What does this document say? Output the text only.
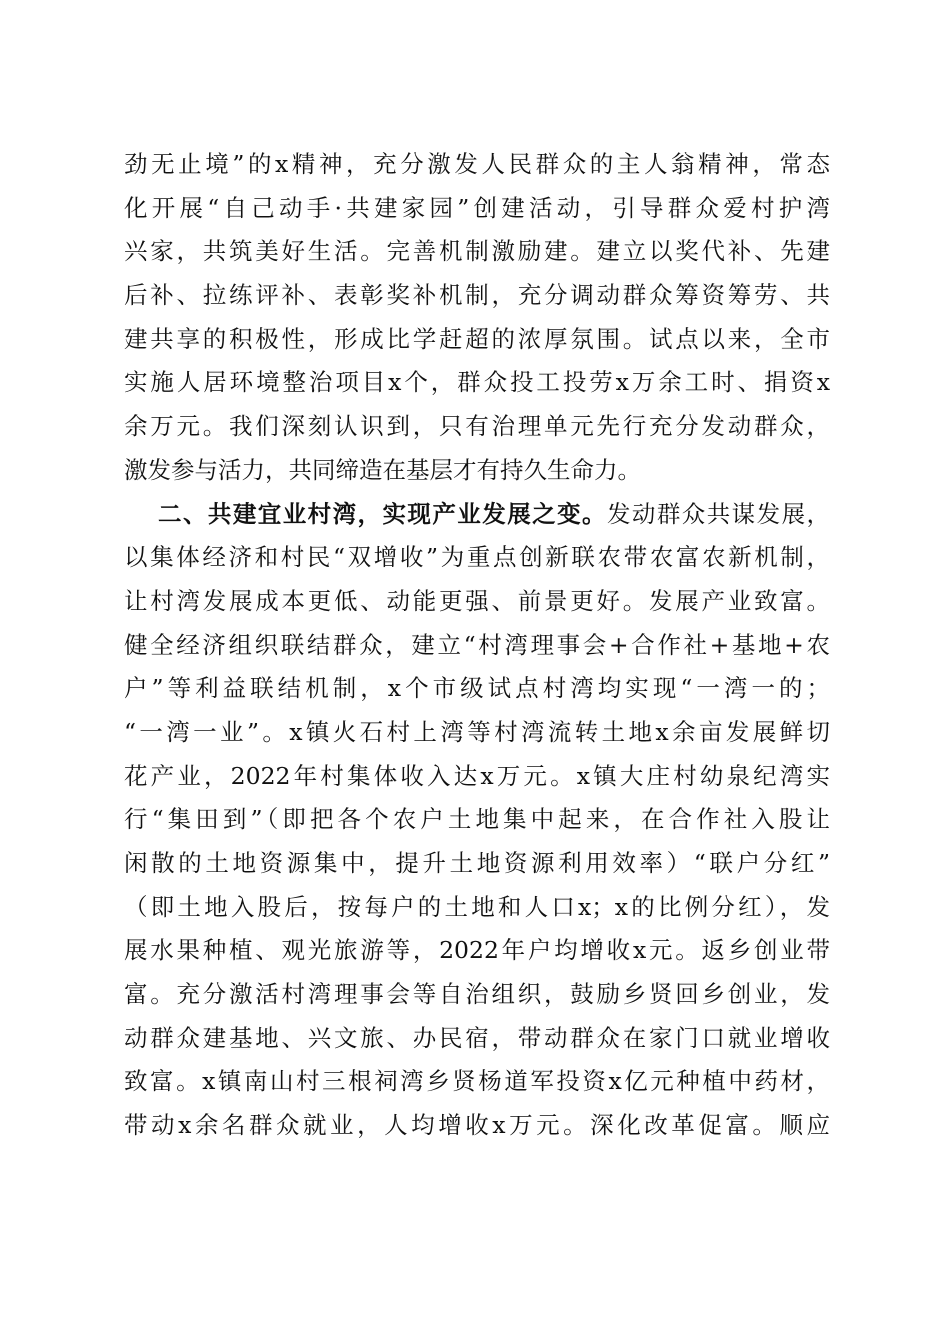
劲无止境”的x精神，充分激发人民群众的主人翁精神，常态
化开展“自己动手·共建家园”创建活动，引导群众爱村护湾
兴家，共筑美好生活。完善机制激励建。建立以奖代补、先建
后补、拉练评补、表彰奖补机制，充分调动群众筹资筹劳、共
建共享的积极性，形成比学赶超的浓厚氛围。试点以来，全市
实施人居环境整治项目x个，群众投工投劳x万余工时、捐资x
余万元。我们深刻认识到，只有治理单元先行充分发动群众，
激发参与活力，共同缔造在基层才有持久生命力。
二、共建宜业村湾，实现产业发展之变。发动群众共谋发展，
以集体经济和村民“双增收”为重点创新联农带农富农新机制，
让村湾发展成本更低、动能更强、前景更好。发展产业致富。
健全经济组织联结群众，建立“村湾理事会+合作社+基地+农
户”等利益联结机制，x个市级试点村湾均实现“一湾一的；
“一湾一业”。x镇火石村上湾等村湾流转土地x余亩发展鲜切
花产业，2022年村集体收入达x万元。x镇大庄村幼泉纪湾实
行“集田到”（即把各个农户土地集中起来，在合作社入股让
闲散的土地资源集中，提升土地资源利用效率）“联户分红”
（即土地入股后，按每户的土地和人口x；x的比例分红），发
展水果种植、观光旅游等，2022年户均增收x元。返乡创业带
富。充分激活村湾理事会等自治组织，鼓励乡贤回乡创业，发
动群众建基地、兴文旅、办民宿，带动群众在家门口就业增收
致富。x镇南山村三根祠湾乡贤杨道军投资x亿元种植中药材，
带动x余名群众就业，人均增收x万元。深化改革促富。顺应
